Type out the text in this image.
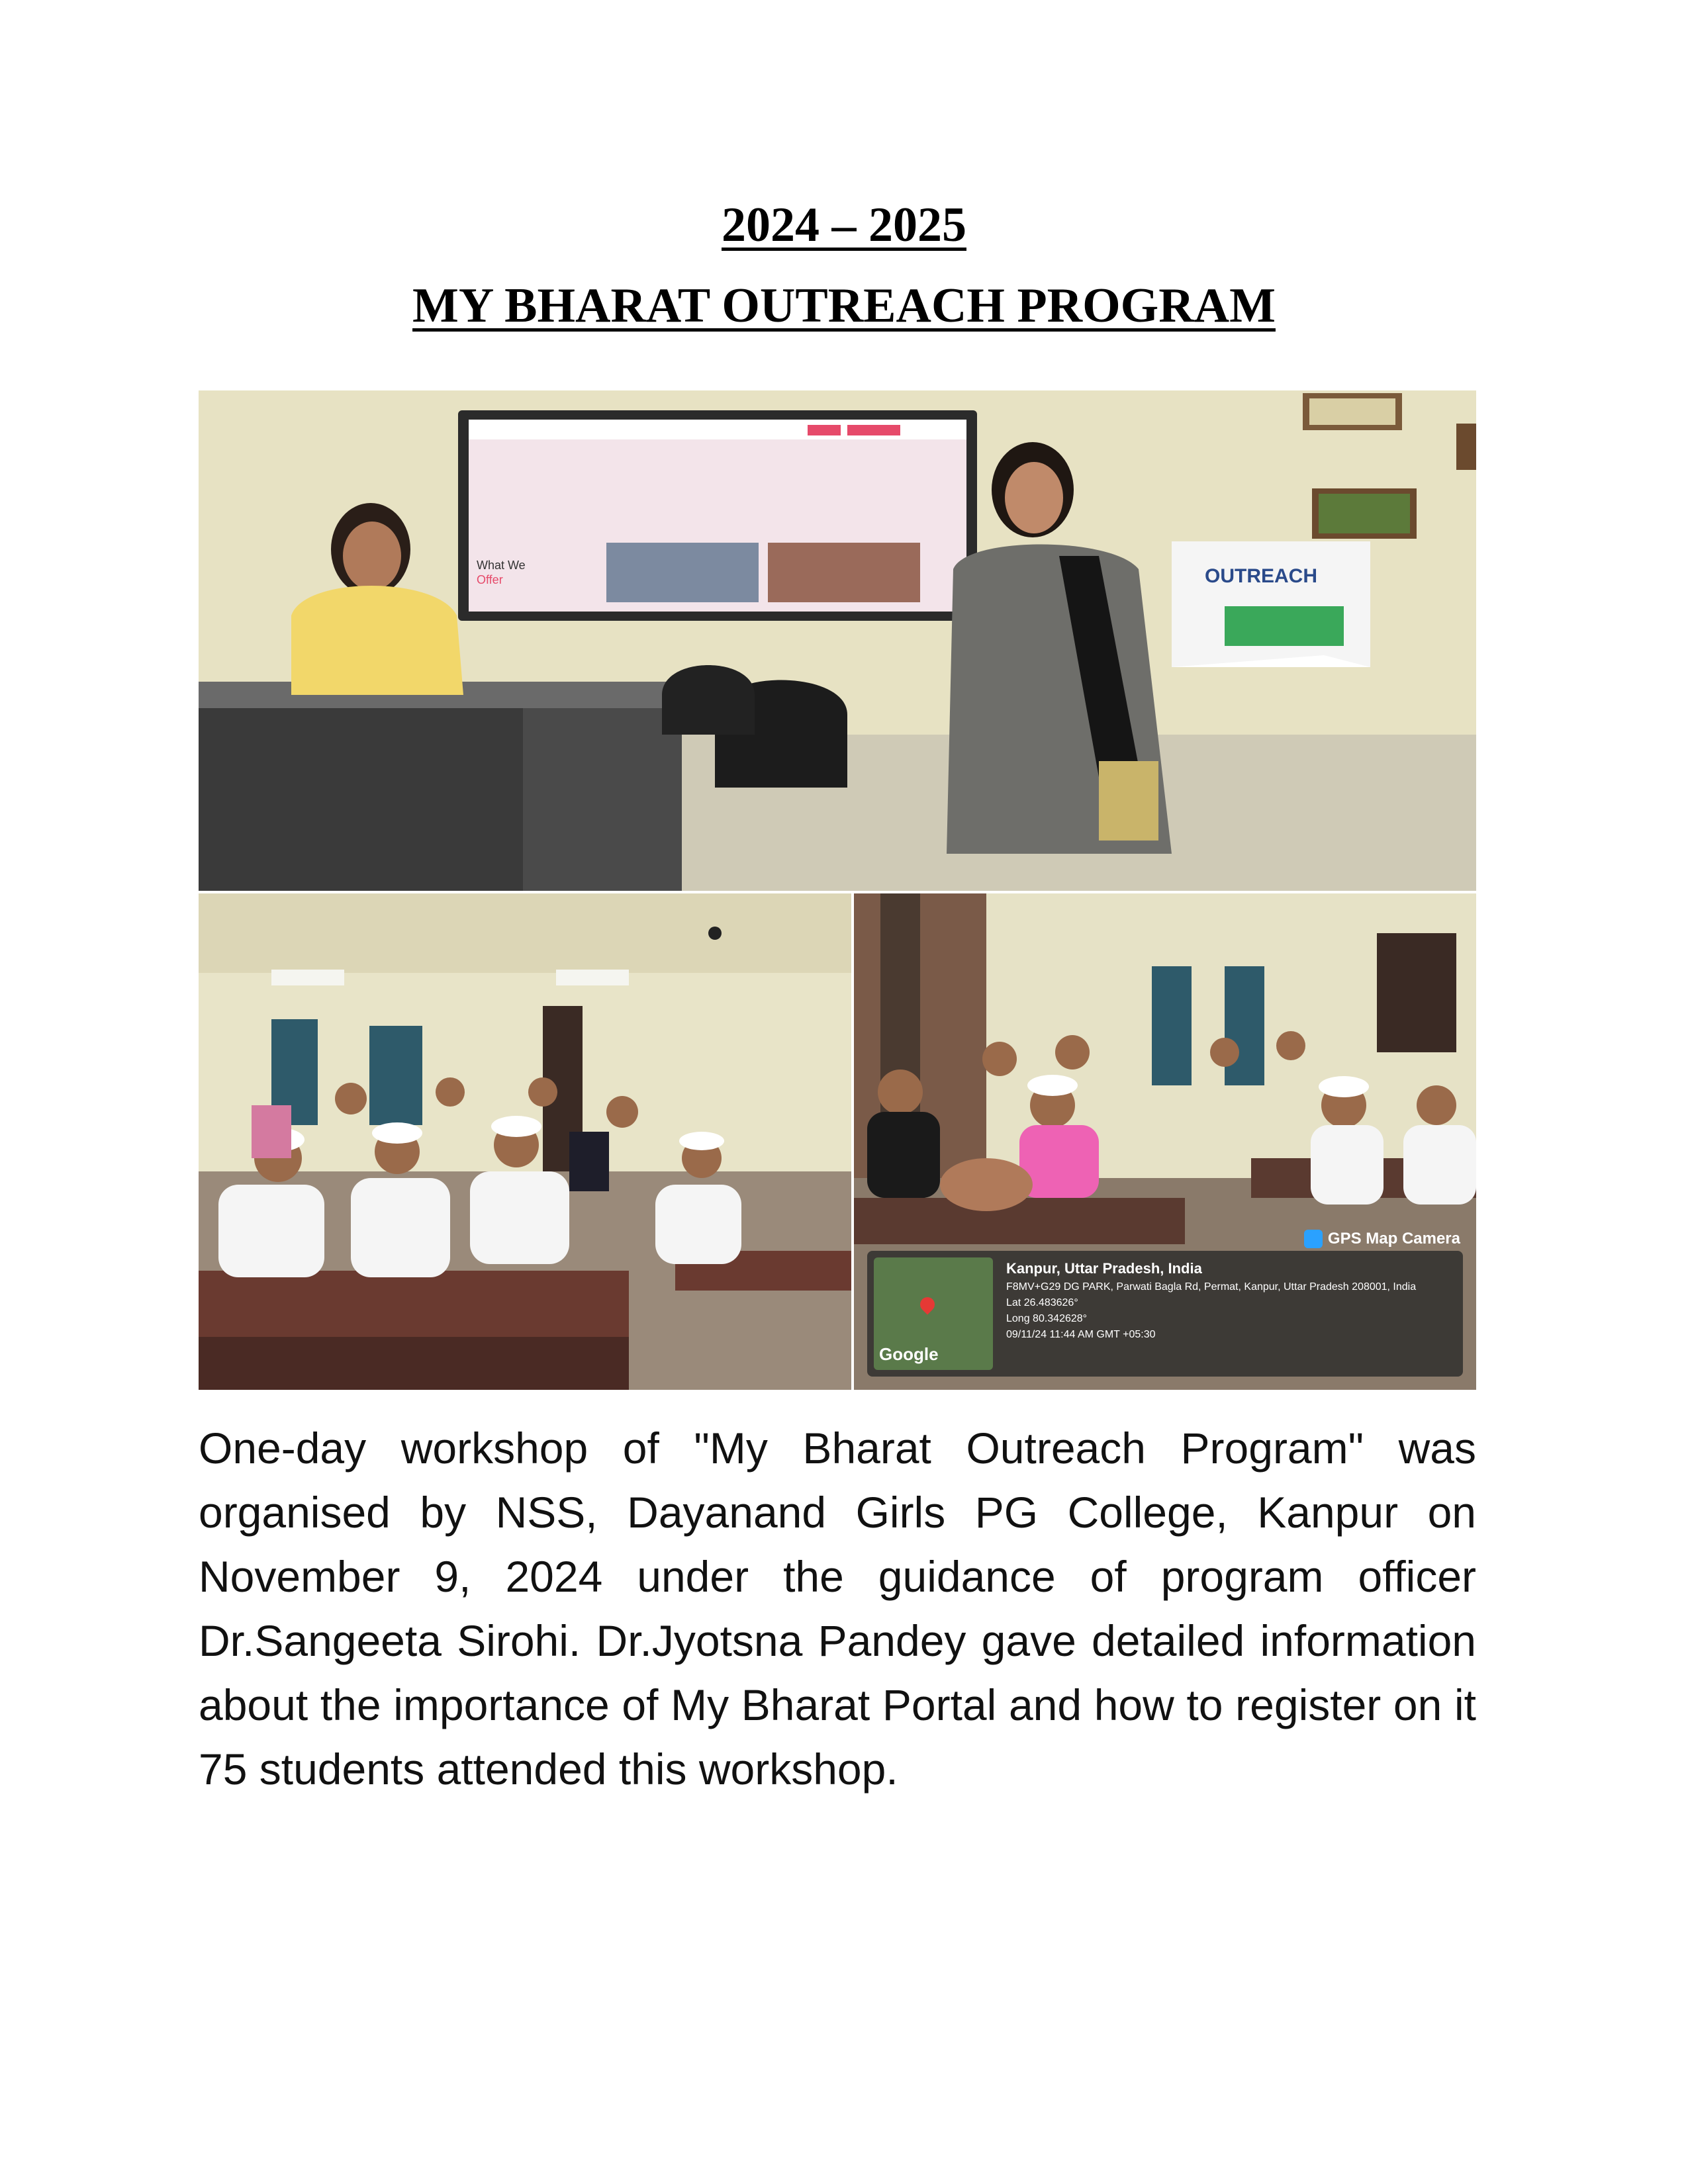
2024 – 2025
MY BHARAT OUTREACH PROGRAM
What We
Offer	OUTREACH
GPS Map Camera
Google
Kanpur, Uttar Pradesh, India
F8MV+G29 DG PARK, Parwati Bagla Rd, Permat, Kanpur, Uttar Pradesh 208001, India
Lat 26.483626°
Long 80.342628°
09/11/24 11:44 AM GMT +05:30

One-day workshop of "My Bharat Outreach Program" was organised by NSS, Dayanand Girls PG College, Kanpur on November 9, 2024 under the guidance of program officer Dr.Sangeeta Sirohi. Dr.Jyotsna Pandey gave detailed information about the importance of My Bharat Portal and how to register on it 75 students attended this workshop.
